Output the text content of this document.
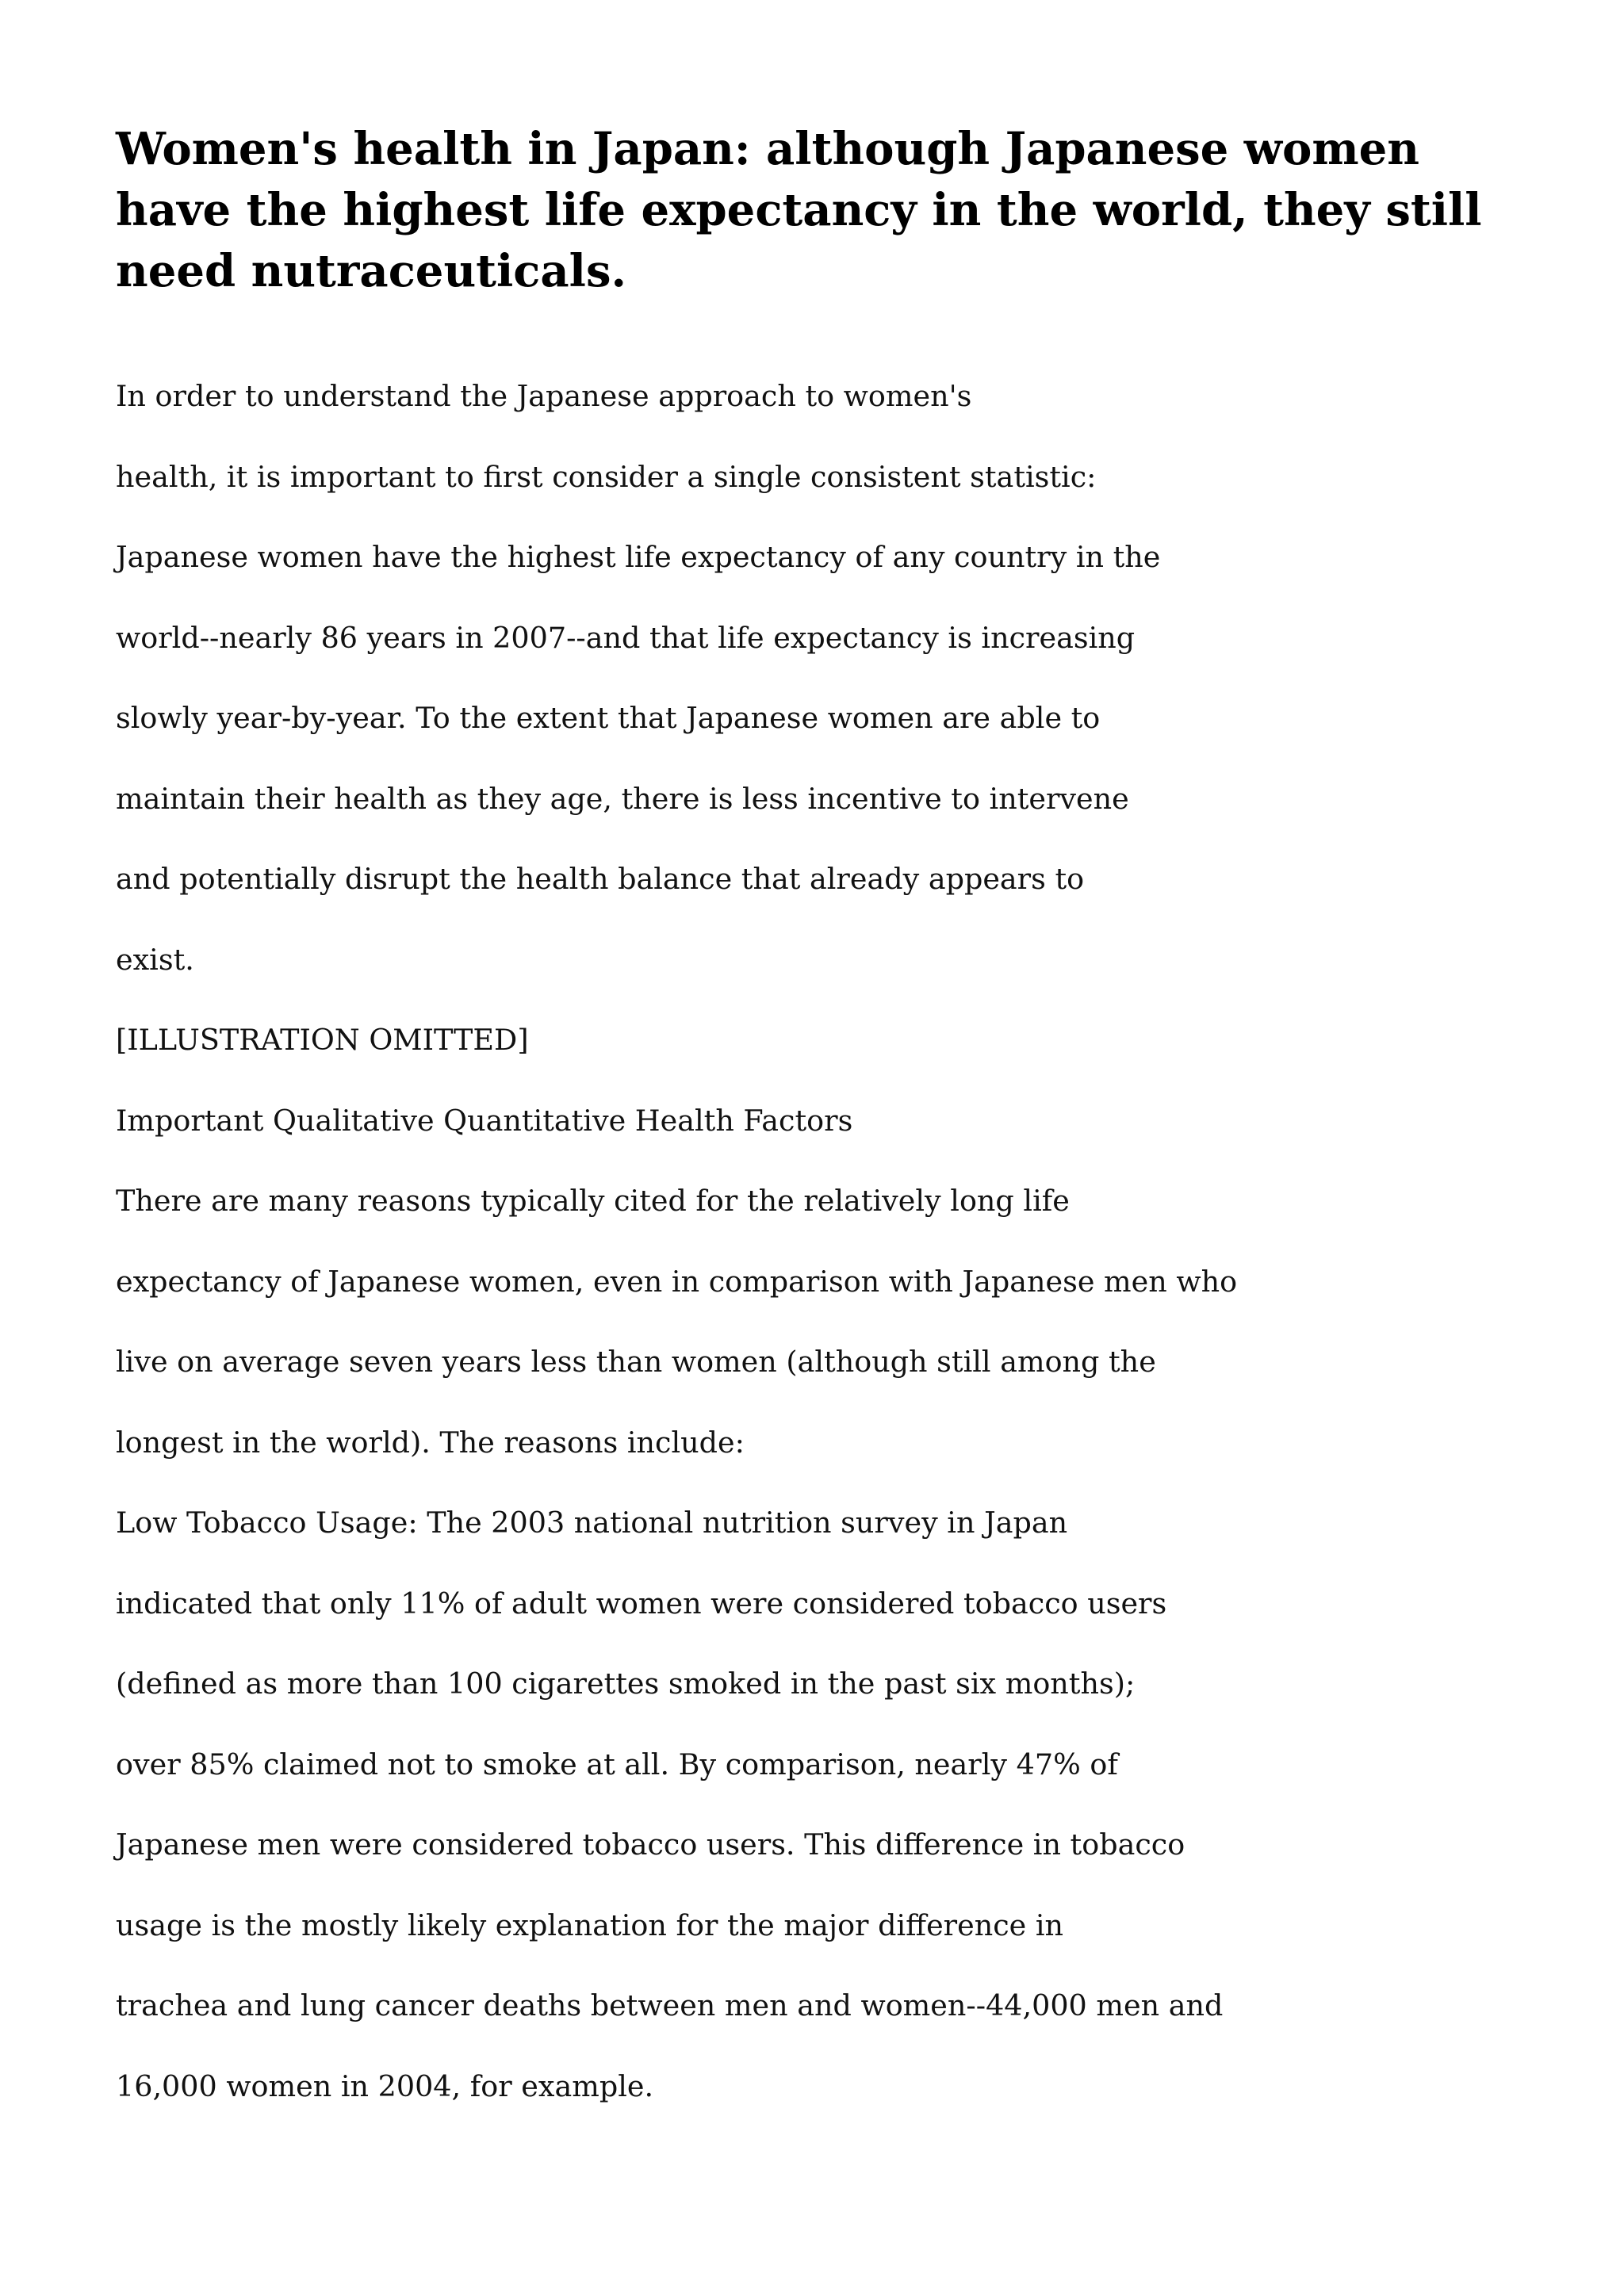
Women's health in Japan: although Japanese women have the highest life expectancy in the world, they still need nutraceuticals.
In order to understand the Japanese approach to women's
health, it is important to first consider a single consistent statistic:
Japanese women have the highest life expectancy of any country in the
world--nearly 86 years in 2007--and that life expectancy is increasing
slowly year-by-year. To the extent that Japanese women are able to
maintain their health as they age, there is less incentive to intervene
and potentially disrupt the health balance that already appears to
exist.
[ILLUSTRATION OMITTED]
Important Qualitative Quantitative Health Factors
There are many reasons typically cited for the relatively long life
expectancy of Japanese women, even in comparison with Japanese men who
live on average seven years less than women (although still among the
longest in the world). The reasons include:
Low Tobacco Usage: The 2003 national nutrition survey in Japan
indicated that only 11% of adult women were considered tobacco users
(defined as more than 100 cigarettes smoked in the past six months);
over 85% claimed not to smoke at all. By comparison, nearly 47% of
Japanese men were considered tobacco users. This difference in tobacco
usage is the mostly likely explanation for the major difference in
trachea and lung cancer deaths between men and women--44,000 men and
16,000 women in 2004, for example.
